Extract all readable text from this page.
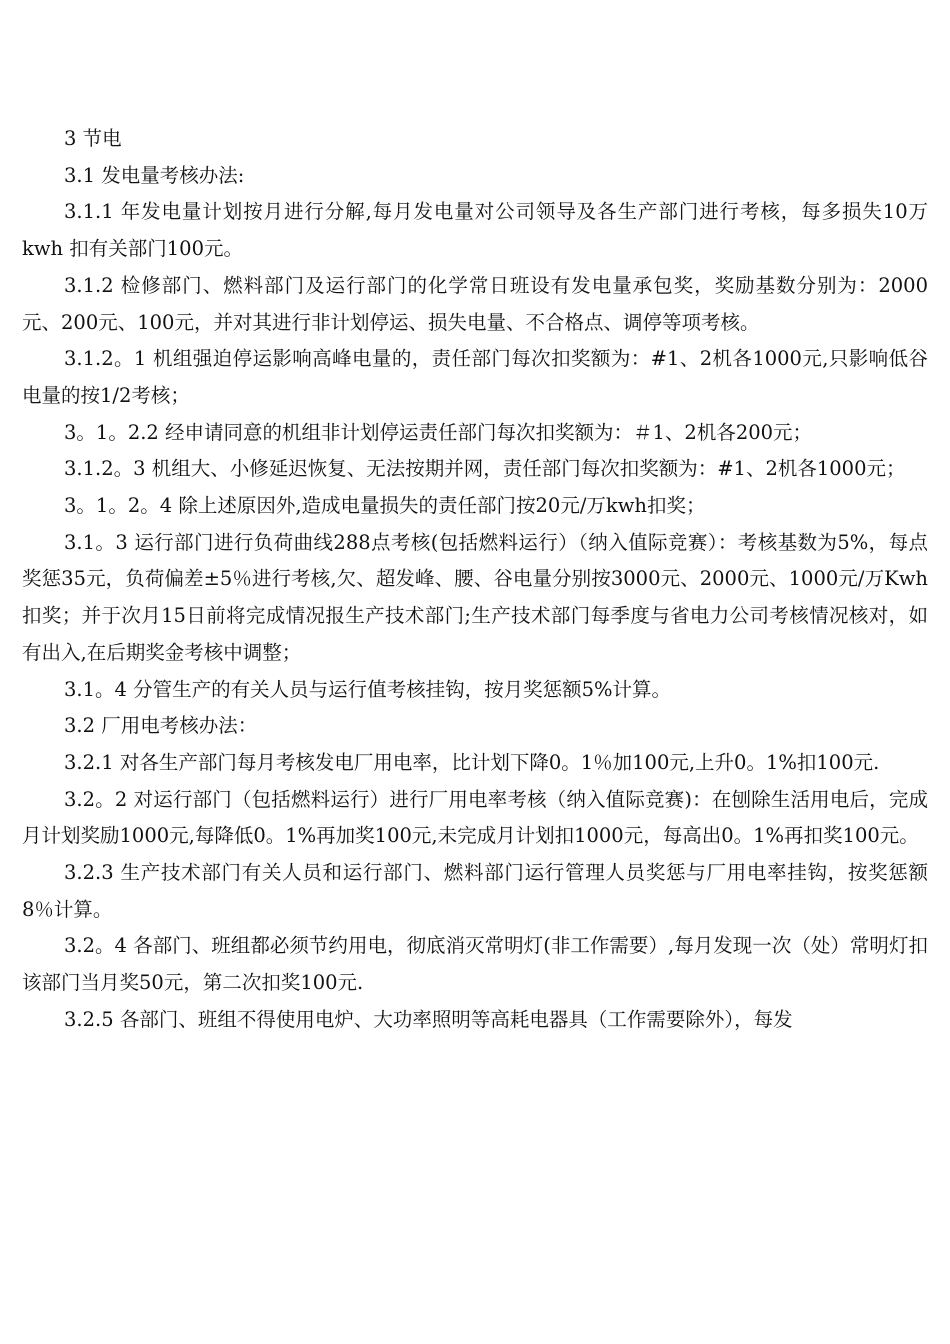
3 节电

3.1 发电量考核办法:

3.1.1 年发电量计划按月进行分解,每月发电量对公司领导及各生产部门进行考核，每多损失10万kwh 扣有关部门100元。

3.1.2 检修部门、燃料部门及运行部门的化学常日班设有发电量承包奖，奖励基数分别为：2000元、200元、100元，并对其进行非计划停运、损失电量、不合格点、调停等项考核。

3.1.2。1 机组强迫停运影响高峰电量的，责任部门每次扣奖额为：#1、2机各1000元,只影响低谷电量的按1/2考核；

3。1。2.2 经申请同意的机组非计划停运责任部门每次扣奖额为：＃1、2机各200元；

3.1.2。3 机组大、小修延迟恢复、无法按期并网，责任部门每次扣奖额为：#1、2机各1000元；

3。1。2。4 除上述原因外,造成电量损失的责任部门按20元/万kwh扣奖；

3.1。3 运行部门进行负荷曲线288点考核(包括燃料运行）（纳入值际竞赛）：考核基数为5%，每点奖惩35元，负荷偏差±5％进行考核,欠、超发峰、腰、谷电量分别按3000元、2000元、1000元/万Kwh扣奖；并于次月15日前将完成情况报生产技术部门;生产技术部门每季度与省电力公司考核情况核对，如有出入,在后期奖金考核中调整；

3.1。4 分管生产的有关人员与运行值考核挂钩，按月奖惩额5%计算。

3.2 厂用电考核办法：

3.2.1 对各生产部门每月考核发电厂用电率，比计划下降0。1％加100元,上升0。1%扣100元.

3.2。2 对运行部门（包括燃料运行）进行厂用电率考核（纳入值际竞赛)：在刨除生活用电后，完成月计划奖励1000元,每降低0。1%再加奖100元,未完成月计划扣1000元，每高出0。1%再扣奖100元。

3.2.3 生产技术部门有关人员和运行部门、燃料部门运行管理人员奖惩与厂用电率挂钩，按奖惩额8％计算。

3.2。4 各部门、班组都必须节约用电，彻底消灭常明灯(非工作需要）,每月发现一次（处）常明灯扣该部门当月奖50元，第二次扣奖100元.

3.2.5 各部门、班组不得使用电炉、大功率照明等高耗电器具（工作需要除外），每发
